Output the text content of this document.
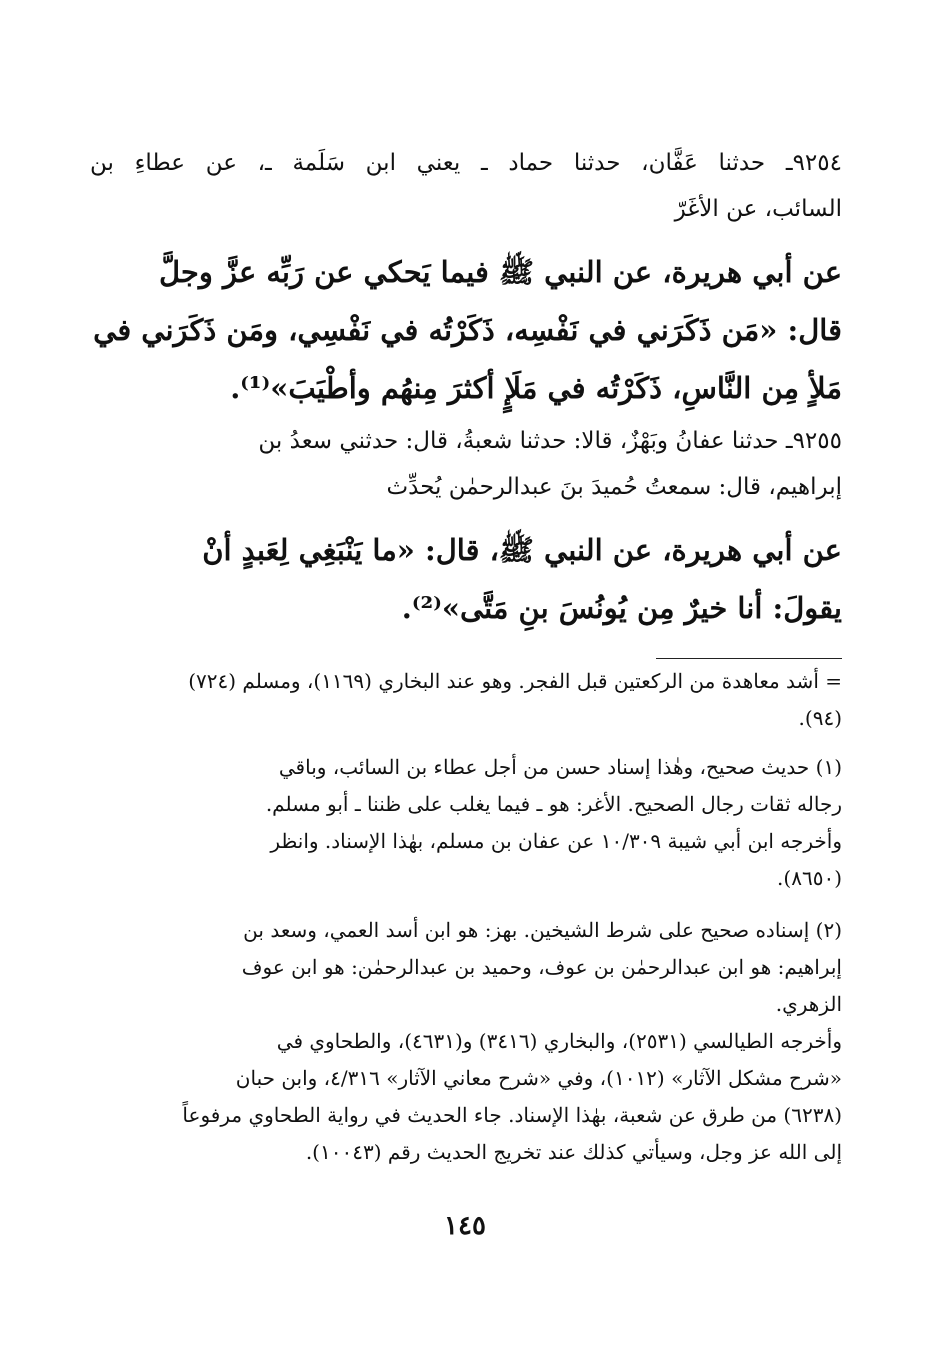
٩٢٥٤ـ حدثنا عَفَّان، حدثنا حماد ـ يعني ابن سَلَمة ـ، عن عطاءِ بن
السائب، عن الأغَرّ
عن أبي هريرة، عن النبي ﷺ فيما يَحكي عن رَبِّه عزَّ وجلَّ
قال: «مَن ذَكَرَني في نَفْسِه، ذَكَرْتُه في نَفْسِي، ومَن ذَكَرَني في
مَلأٍ مِن النَّاسِ، ذَكَرْتُه في مَلَإٍ أكثرَ مِنهُم وأطْيَبَ»⁽¹⁾.
٩٢٥٥ـ حدثنا عفانُ وبَهْزٌ، قالا: حدثنا شعبةُ، قال: حدثني سعدُ بن
إبراهيم، قال: سمعتُ حُميدَ بنَ عبدالرحمٰن يُحدِّث
عن أبي هريرة، عن النبي ﷺ، قال: «ما يَنْبَغِي لِعَبدٍ أنْ
يقولَ: أنا خيرٌ مِن يُونُسَ بنِ مَتَّى»⁽²⁾.
= أشد معاهدة من الركعتين قبل الفجر. وهو عند البخاري (١١٦٩)، ومسلم (٧٢٤)
(٩٤).
(١) حديث صحيح، وهٰذا إسناد حسن من أجل عطاء بن السائب، وباقي
رجاله ثقات رجال الصحيح. الأغر: هو ـ فيما يغلب على ظننا ـ أبو مسلم.
وأخرجه ابن أبي شيبة ١٠/٣٠٩ عن عفان بن مسلم، بهٰذا الإسناد. وانظر
(٨٦٥٠).
(٢) إسناده صحيح على شرط الشيخين. بهز: هو ابن أسد العمي، وسعد بن
إبراهيم: هو ابن عبدالرحمٰن بن عوف، وحميد بن عبدالرحمٰن: هو ابن عوف
الزهري.
وأخرجه الطيالسي (٢٥٣١)، والبخاري (٣٤١٦) و(٤٦٣١)، والطحاوي في
«شرح مشكل الآثار» (١٠١٢)، وفي «شرح معاني الآثار» ٤/٣١٦، وابن حبان
(٦٢٣٨) من طرق عن شعبة، بهٰذا الإسناد. جاء الحديث في رواية الطحاوي مرفوعاً
إلى الله عز وجل، وسيأتي كذلك عند تخريج الحديث رقم (١٠٠٤٣).
١٤٥
